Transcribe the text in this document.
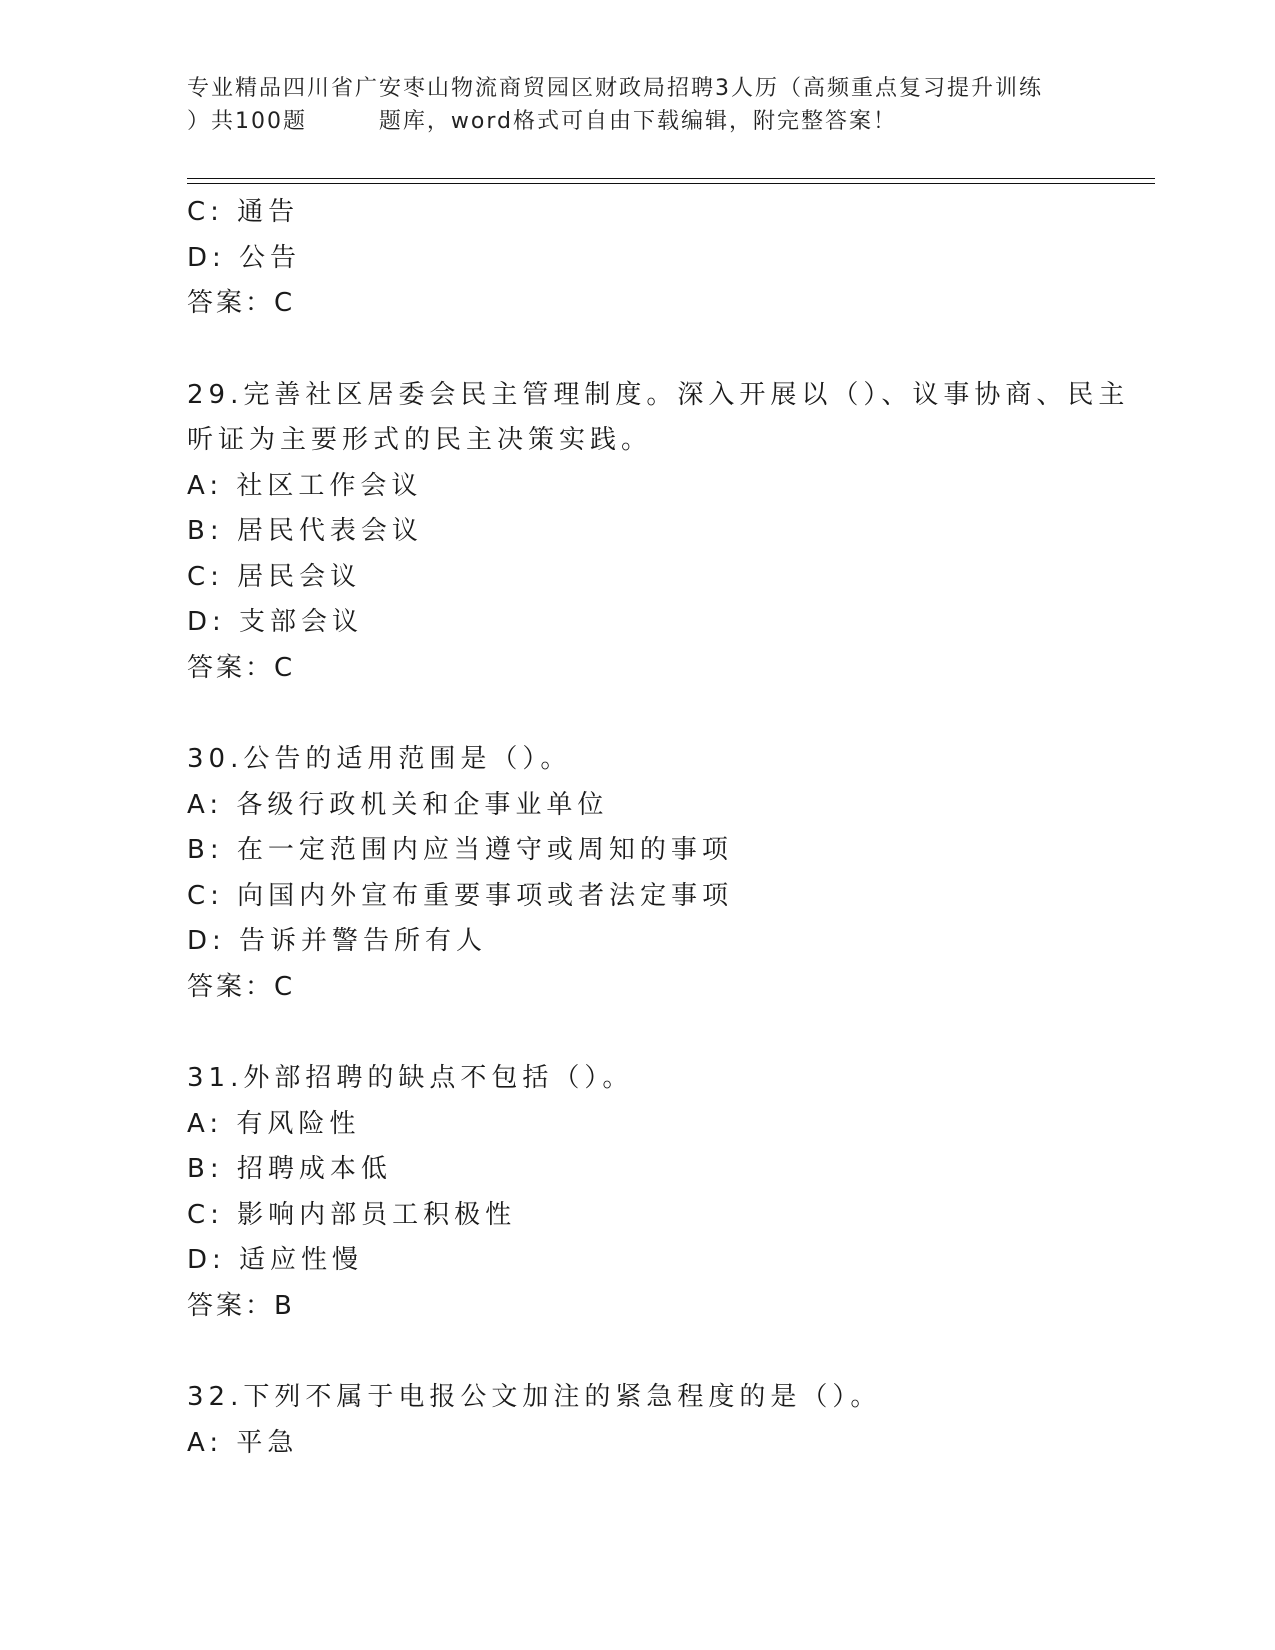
专业精品四川省广安枣山物流商贸园区财政局招聘3人历（高频重点复习提升训练
）共100题        题库，word格式可自由下载编辑，附完整答案！
C: 通告
D: 公告
答案：C
29.完善社区居委会民主管理制度。深入开展以（）、议事协商、民主
听证为主要形式的民主决策实践。
A: 社区工作会议
B: 居民代表会议
C: 居民会议
D: 支部会议
答案：C
30.公告的适用范围是（）。
A: 各级行政机关和企事业单位
B: 在一定范围内应当遵守或周知的事项
C: 向国内外宣布重要事项或者法定事项
D: 告诉并警告所有人
答案：C
31.外部招聘的缺点不包括（）。
A: 有风险性
B: 招聘成本低
C: 影响内部员工积极性
D: 适应性慢
答案：B
32.下列不属于电报公文加注的紧急程度的是（）。
A: 平急
